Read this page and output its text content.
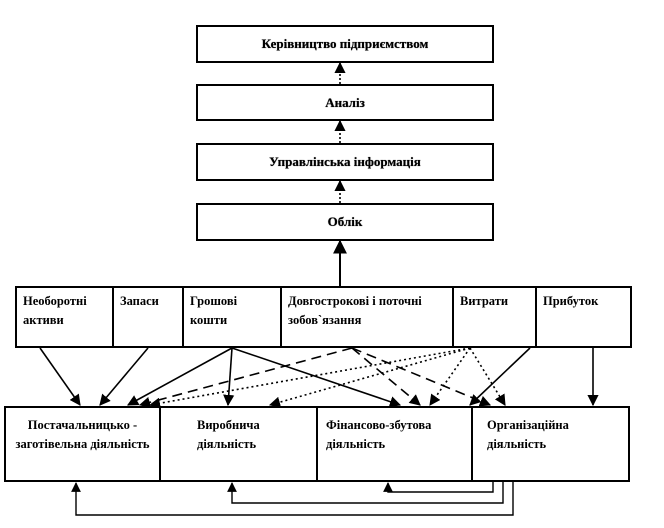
Керівництво підприємством
Аналіз
Управлінська інформація
Облік
Необоротні активи
Запаси	Грошові кошти
Довгострокові і поточні зобов`язання
Витрати	Прибуток
Постачальницько - заготівельна діяльність
Виробнича діяльність
Фінансово-збутова діяльність
Організаційна діяльність
